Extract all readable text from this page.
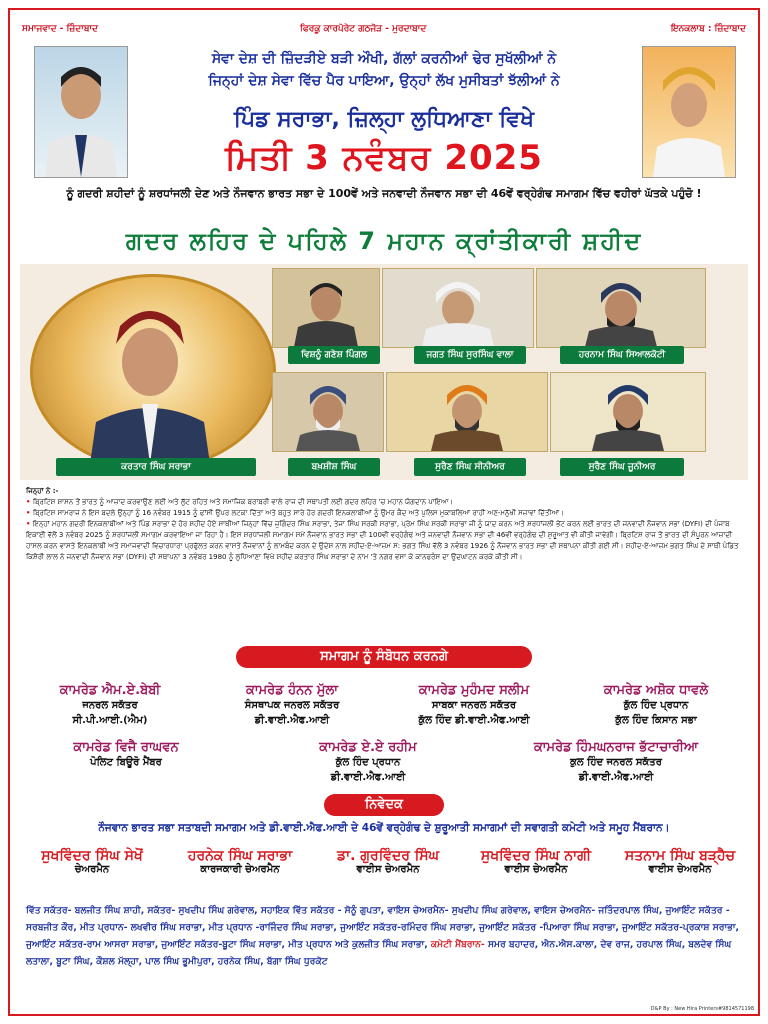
ਸਮਾਜਵਾਦ - ਜ਼ਿੰਦਾਬਾਦ	ਫਿਰਕੂ ਕਾਰਪੋਰੇਟ ਗਠਜੋੜ - ਮੁਰਦਾਬਾਦ	ਇਨਕਲਾਬ : ਜ਼ਿੰਦਾਬਾਦ
ਸੇਵਾ ਦੇਸ਼ ਦੀ ਜ਼ਿੰਦੜੀਏ ਬੜੀ ਔਖੀ, ਗੱਲਾਂ ਕਰਨੀਆਂ ਢੇਰ ਸੁਖੱਲੀਆਂ ਨੇ
ਜਿਨ੍ਹਾਂ ਦੇਸ਼ ਸੇਵਾ ਵਿੱਚ ਪੈਰ ਪਾਇਆ, ਉਨ੍ਹਾਂ ਲੱਖ ਮੁਸੀਬਤਾਂ ਝੱਲੀਆਂ ਨੇ
ਪਿੰਡ ਸਰਾਭਾ, ਜ਼ਿਲ੍ਹਾ ਲੁਧਿਆਣਾ ਵਿਖੇ
ਮਿਤੀ 3 ਨਵੰਬਰ 2025
ਨੂੰ ਗਦਰੀ ਸ਼ਹੀਦਾਂ ਨੂੰ ਸ਼ਰਧਾਂਜਲੀ ਦੇਣ ਅਤੇ ਨੌਜਵਾਨ ਭਾਰਤ ਸਭਾ ਦੇ 100ਵੇਂ ਅਤੇ ਜਨਵਾਦੀ ਨੌਜਵਾਨ ਸਭਾ ਦੀ 46ਵੇਂ ਵਰ੍ਹੇਗੰਢ ਸਮਾਗਮ ਵਿੱਚ ਵਹੀਰਾਂ ਘੱਤਕੇ ਪਹੁੰਚੋ !
ਗਦਰ ਲਹਿਰ ਦੇ ਪਹਿਲੇ 7 ਮਹਾਨ ਕ੍ਰਾਂਤੀਕਾਰੀ ਸ਼ਹੀਦ
ਕਰਤਾਰ ਸਿੰਘ ਸਰਾਭਾ
ਵਿਸ਼ਨੂੰ ਗਣੇਸ਼ ਪਿੰਗਲ	ਜਗਤ ਸਿੰਘ ਸੁਰਸਿੰਘ ਵਾਲਾ	ਹਰਨਾਮ ਸਿੰਘ ਸਿਆਲਕੋਟੀ
ਬਖ਼ਸ਼ੀਸ਼ ਸਿੰਘ	ਸੁਰੈਣ ਸਿੰਘ ਸੀਨੀਅਰ	ਸੁਰੈਣ ਸਿੰਘ ਜੂਨੀਅਰ
ਜਿਨ੍ਹਾਂ ਨੇ :-
• ਬ੍ਰਿਟਿਸ਼ ਸ਼ਾਸਨ ਤੋਂ ਭਾਰਤ ਨੂੰ ਆਜ਼ਾਦ ਕਰਵਾਉਣ ਲਈ ਅਤੇ ਲੁੱਟ ਰਹਿਤ ਅਤੇ ਸਮਾਜਿਕ ਬਰਾਬਰੀ ਵਾਲੇ ਰਾਜ ਦੀ ਸਥਾਪਤੀ ਲਈ ਗਦਰ ਲਹਿਰ 'ਚ ਮਹਾਨ ਯੋਗਦਾਨ ਪਾਇਆ।
• ਬ੍ਰਿਟਿਸ਼ ਸਾਮਰਾਜ ਨੇ ਇਸ ਬਦਲੇ ਉਨ੍ਹਾਂ ਨੂੰ 16 ਨਵੰਬਰ 1915 ਨੂੰ ਫਾਂਸੀ ਉਪਰ ਲਟਕਾ ਦਿੱਤਾ ਅਤੇ ਬਹੁਤ ਸਾਰੇ ਹੋਰ ਗਦਰੀ ਇਨਕਲਾਬੀਆਂ ਨੂੰ ਉਮਰ ਕੈਦ ਅਤੇ ਪੁਲਿਸ ਮੁਕਾਬਲਿਆਂ ਰਾਹੀਂ ਅਣ-ਮਨੁੱਖੀ ਸਜ਼ਾਵਾਂ ਦਿੱਤੀਆਂ।
• ਇਨ੍ਹਾਂ ਮਹਾਨ ਗਦਰੀ ਇਨਕਲਾਬੀਆਂ ਅਤੇ ਪਿੰਡ ਸਰਾਭਾ ਦੇ ਹੋਰ ਸ਼ਹੀਦ ਹੋਏ ਸਾਥੀਆਂ ਜਿਨ੍ਹਾਂ ਵਿੱਚ ਜੁਗਿੰਦਰ ਸਿੰਘ ਸਰਾਭਾ, ਤੇਜਾ ਸਿੰਘ ਸਰਕੀ ਸਰਾਭਾ, ਪ੍ਰੇਮ ਸਿੰਘ ਸਰਕੀ ਸਰਾਭਾ ਜੀ ਨੂੰ ਯਾਦ ਕਰਨ ਅਤੇ ਸ਼ਰਧਾਂਜਲੀ ਭੇਂਟ ਕਰਨ ਲਈ ਭਾਰਤ ਦੀ ਜਨਵਾਦੀ ਨੌਜਵਾਨ ਸਭਾ (DYFI) ਦੀ ਪੰਜਾਬ ਇਕਾਈ ਵੱਲੋਂ 3 ਨਵੰਬਰ 2025 ਨੂੰ ਸ਼ਰਧਾਂਜਲੀ ਸਮਾਗਮ ਕਰਵਾਇਆ ਜਾ ਰਿਹਾ ਹੈ। ਇਸ ਸ਼ਰਧਾਂਜਲੀ ਸਮਾਗਮ ਸਮੇਂ ਨੌਜਵਾਨ ਭਾਰਤ ਸਭਾ ਦੀ 100ਵੀਂ ਵਰ੍ਹੇਗੰਢ ਅਤੇ ਜਨਵਾਦੀ ਨੌਜਵਾਨ ਸਭਾ ਦੀ 46ਵੀਂ ਵਰ੍ਹੇਗੰਢ ਦੀ ਸ਼ੁਰੂਆਤ ਵੀ ਕੀਤੀ ਜਾਵੇਗੀ। ਬ੍ਰਿਟਿਸ਼ ਰਾਜ ਤੋਂ ਭਾਰਤ ਦੀ ਸੰਪੂਰਨ ਆਜ਼ਾਦੀ ਹਾਸਲ ਕਰਨ ਵਾਸਤੇ ਇਨਕਲਾਬੀ ਅਤੇ ਸਮਾਜਵਾਦੀ ਵਿਚਾਰਧਾਰਾ ਪ੍ਰਫੁੱਲਤ ਕਰਨ ਵਾਸਤੇ ਨੌਜਵਾਨਾਂ ਨੂੰ ਲਾਮਬੰਦ ਕਰਨ ਦੇ ਉਦੇਸ਼ ਨਾਲ ਸ਼ਹੀਦ-ਏ-ਆਜ਼ਮ ਸ: ਭਗਤ ਸਿੰਘ ਵੱਲੋਂ 3 ਨਵੰਬਰ 1926 ਨੂੰ ਨੌਜਵਾਨ ਭਾਰਤ ਸਭਾ ਦੀ ਸਥਾਪਨਾ ਕੀਤੀ ਗਈ ਸੀ। ਸ਼ਹੀਦ-ਏ-ਆਜ਼ਮ ਭਗਤ ਸਿੰਘ ਦੇ ਸਾਥੀ ਪੰਡਿਤ ਕਿਸ਼ੋਰੀ ਲਾਲ ਨੇ ਜਨਵਾਦੀ ਨੌਜਵਾਨ ਸਭਾ (DYFI) ਦੀ ਸਥਾਪਨਾ 3 ਨਵੰਬਰ 1980 ਨੂੰ ਲੁਧਿਆਣਾ ਵਿਖੇ ਸ਼ਹੀਦ ਕਰਤਾਰ ਸਿੰਘ ਸਰਾਭਾ ਦੇ ਨਾਮ 'ਤੇ ਨਗਰ ਵਸਾ ਕੇ ਕਾਨਫਰੰਸ ਦਾ ਉਦਘਾਟਨ ਕਰਕੇ ਕੀਤੀ ਸੀ।
ਸਮਾਗਮ ਨੂੰ ਸੰਬੋਧਨ ਕਰਨਗੇ
ਕਾਮਰੇਡ ਐਮ.ਏ.ਬੇਬੀ
ਜਨਰਲ ਸਕੱਤਰ
ਸੀ.ਪੀ.ਆਈ.(ਐਮ)
ਕਾਮਰੇਡ ਹੰਨਨ ਮੁੱਲਾ
ਸੰਸਥਾਪਕ ਜਨਰਲ ਸਕੱਤਰ
ਡੀ.ਵਾਈ.ਐਫ.ਆਈ
ਕਾਮਰੇਡ ਮੁਹੰਮਦ ਸਲੀਮ
ਸਾਬਕਾ ਜਨਰਲ ਸਕੱਤਰ
ਕੁੱਲ ਹਿੰਦ ਡੀ.ਵਾਈ.ਐਫ.ਆਈ
ਕਾਮਰੇਡ ਅਸ਼ੋਕ ਧਾਵਲੇ
ਕੁੱਲ ਹਿੰਦ ਪ੍ਰਧਾਨ
ਕੁੱਲ ਹਿੰਦ ਕਿਸਾਨ ਸਭਾ
ਕਾਮਰੇਡ ਵਿਜੈ ਰਾਘਵਨ
ਪੋਲਿਟ ਬਿਊਰੋ ਮੈਂਬਰ
ਕਾਮਰੇਡ ਏ.ਏ ਰਹੀਮ
ਕੁੱਲ ਹਿੰਦ ਪ੍ਰਧਾਨ
ਡੀ.ਵਾਈ.ਐਫ.ਆਈ
ਕਾਮਰੇਡ ਹਿੰਮਘਨਰਾਜ ਭੱਟਾਚਾਰੀਆ
ਕੁਲ ਹਿੰਦ ਜਨਰਲ ਸਕੱਤਰ
ਡੀ.ਵਾਈ.ਐਫ.ਆਈ
ਨਿਵੇਦਕ
ਨੌਜਵਾਨ ਭਾਰਤ ਸਭਾ ਸਤਾਬਦੀ ਸਮਾਗਮ ਅਤੇ ਡੀ.ਵਾਈ.ਐਫ.ਆਈ ਦੇ 46ਵੇਂ ਵਰ੍ਹੇਗੰਢ ਦੇ ਸ਼ੁਰੂਆਤੀ ਸਮਾਗਮਾਂ ਦੀ ਸਵਾਗਤੀ ਕਮੇਟੀ ਅਤੇ ਸਮੂਹ ਮੈਂਬਰਾਨ।
ਸੁਖਵਿੰਦਰ ਸਿੰਘ ਸੇਖੋਂ
ਚੇਅਰਮੈਨ
ਹਰਨੇਕ ਸਿੰਘ ਸਰਾਭਾ
ਕਾਰਜਕਾਰੀ ਚੇਅਰਮੈਨ
ਡਾ. ਗੁਰਵਿੰਦਰ ਸਿੰਘ
ਵਾਈਸ ਚੇਅਰਮੈਨ
ਸੁਖਵਿੰਦਰ ਸਿੰਘ ਨਾਗੀ
ਵਾਈਸ ਚੇਅਰਮੈਨ
ਸਤਨਾਮ ਸਿੰਘ ਬੜ੍ਹੈਚ
ਵਾਈਸ ਚੇਅਰਮੈਨ
ਵਿੱਤ ਸਕੱਤਰ- ਬਲਜੀਤ ਸਿੰਘ ਸ਼ਾਹੀ, ਸਕੱਤਰ- ਸੁਖਦੀਪ ਸਿੰਘ ਗਰੇਵਾਲ, ਸਹਾਇਕ ਵਿੱਤ ਸਕੱਤਰ - ਸੋਨੂੰ ਗੁਪਤਾ, ਵਾਇਸ ਚੇਅਰਮੈਨ- ਸੁਖਦੀਪ ਸਿੰਘ ਗਰੇਵਾਲ, ਵਾਇਸ ਚੇਅਰਮੈਨ- ਜਤਿੰਦਰਪਾਲ ਸਿੰਘ, ਜੁਆਇੰਟ ਸਕੱਤਰ - ਸਰਬਜੀਤ ਕੌਰ, ਮੀਤ ਪ੍ਰਧਾਨ- ਲਖਵੀਰ ਸਿੰਘ ਸਰਾਭਾ, ਮੀਤ ਪ੍ਰਧਾਨ -ਰਾਜਿੰਦਰ ਸਿੰਘ ਸਰਾਭਾ, ਜੁਆਇੰਟ ਸਕੱਤਰ-ਰਮਿੰਦਰ ਸਿੰਘ ਸਰਾਭਾ, ਜੁਆਇੰਟ ਸਕੱਤਰ -ਪਿਆਰਾ ਸਿੰਘ ਸਰਾਭਾ, ਜੁਆਇੰਟ ਸਕੱਤਰ-ਪ੍ਰਕਾਸ਼ ਸਰਾਭਾ, ਜੁਆਇੰਟ ਸਕੱਤਰ-ਰਾਮ ਆਸਰਾ ਸਰਾਭਾ, ਜੁਆਇੰਟ ਸਕੱਤਰ-ਬੂਟਾ ਸਿੰਘ ਸਰਾਭਾ, ਮੀਤ ਪ੍ਰਧਾਨ ਅਤੇ ਕੁਲਜੀਤ ਸਿੰਘ ਸਰਾਭਾ, ਕਮੇਟੀ ਮੈਂਬਰਾਨ- ਸਮਰ ਬਹਾਦਰ, ਐਨ.ਐਸ.ਕਾਲਾ, ਦੇਵ ਰਾਜ, ਹਰਪਾਲ ਸਿੰਘ, ਬਲਦੇਵ ਸਿੰਘ ਲਤਾਲਾ, ਬੂਟਾ ਸਿੰਘ, ਕੌਸ਼ਲ ਮੱਲ੍ਹਾ, ਪਾਲ ਸਿੰਘ ਭੂਮੀਪੁਰਾ, ਹਰਨੇਕ ਸਿੰਘ, ਬੱਗਾ ਸਿੰਘ ਧੁਰਕੋਟ
D&P By : New Hira Printers#9814571198
